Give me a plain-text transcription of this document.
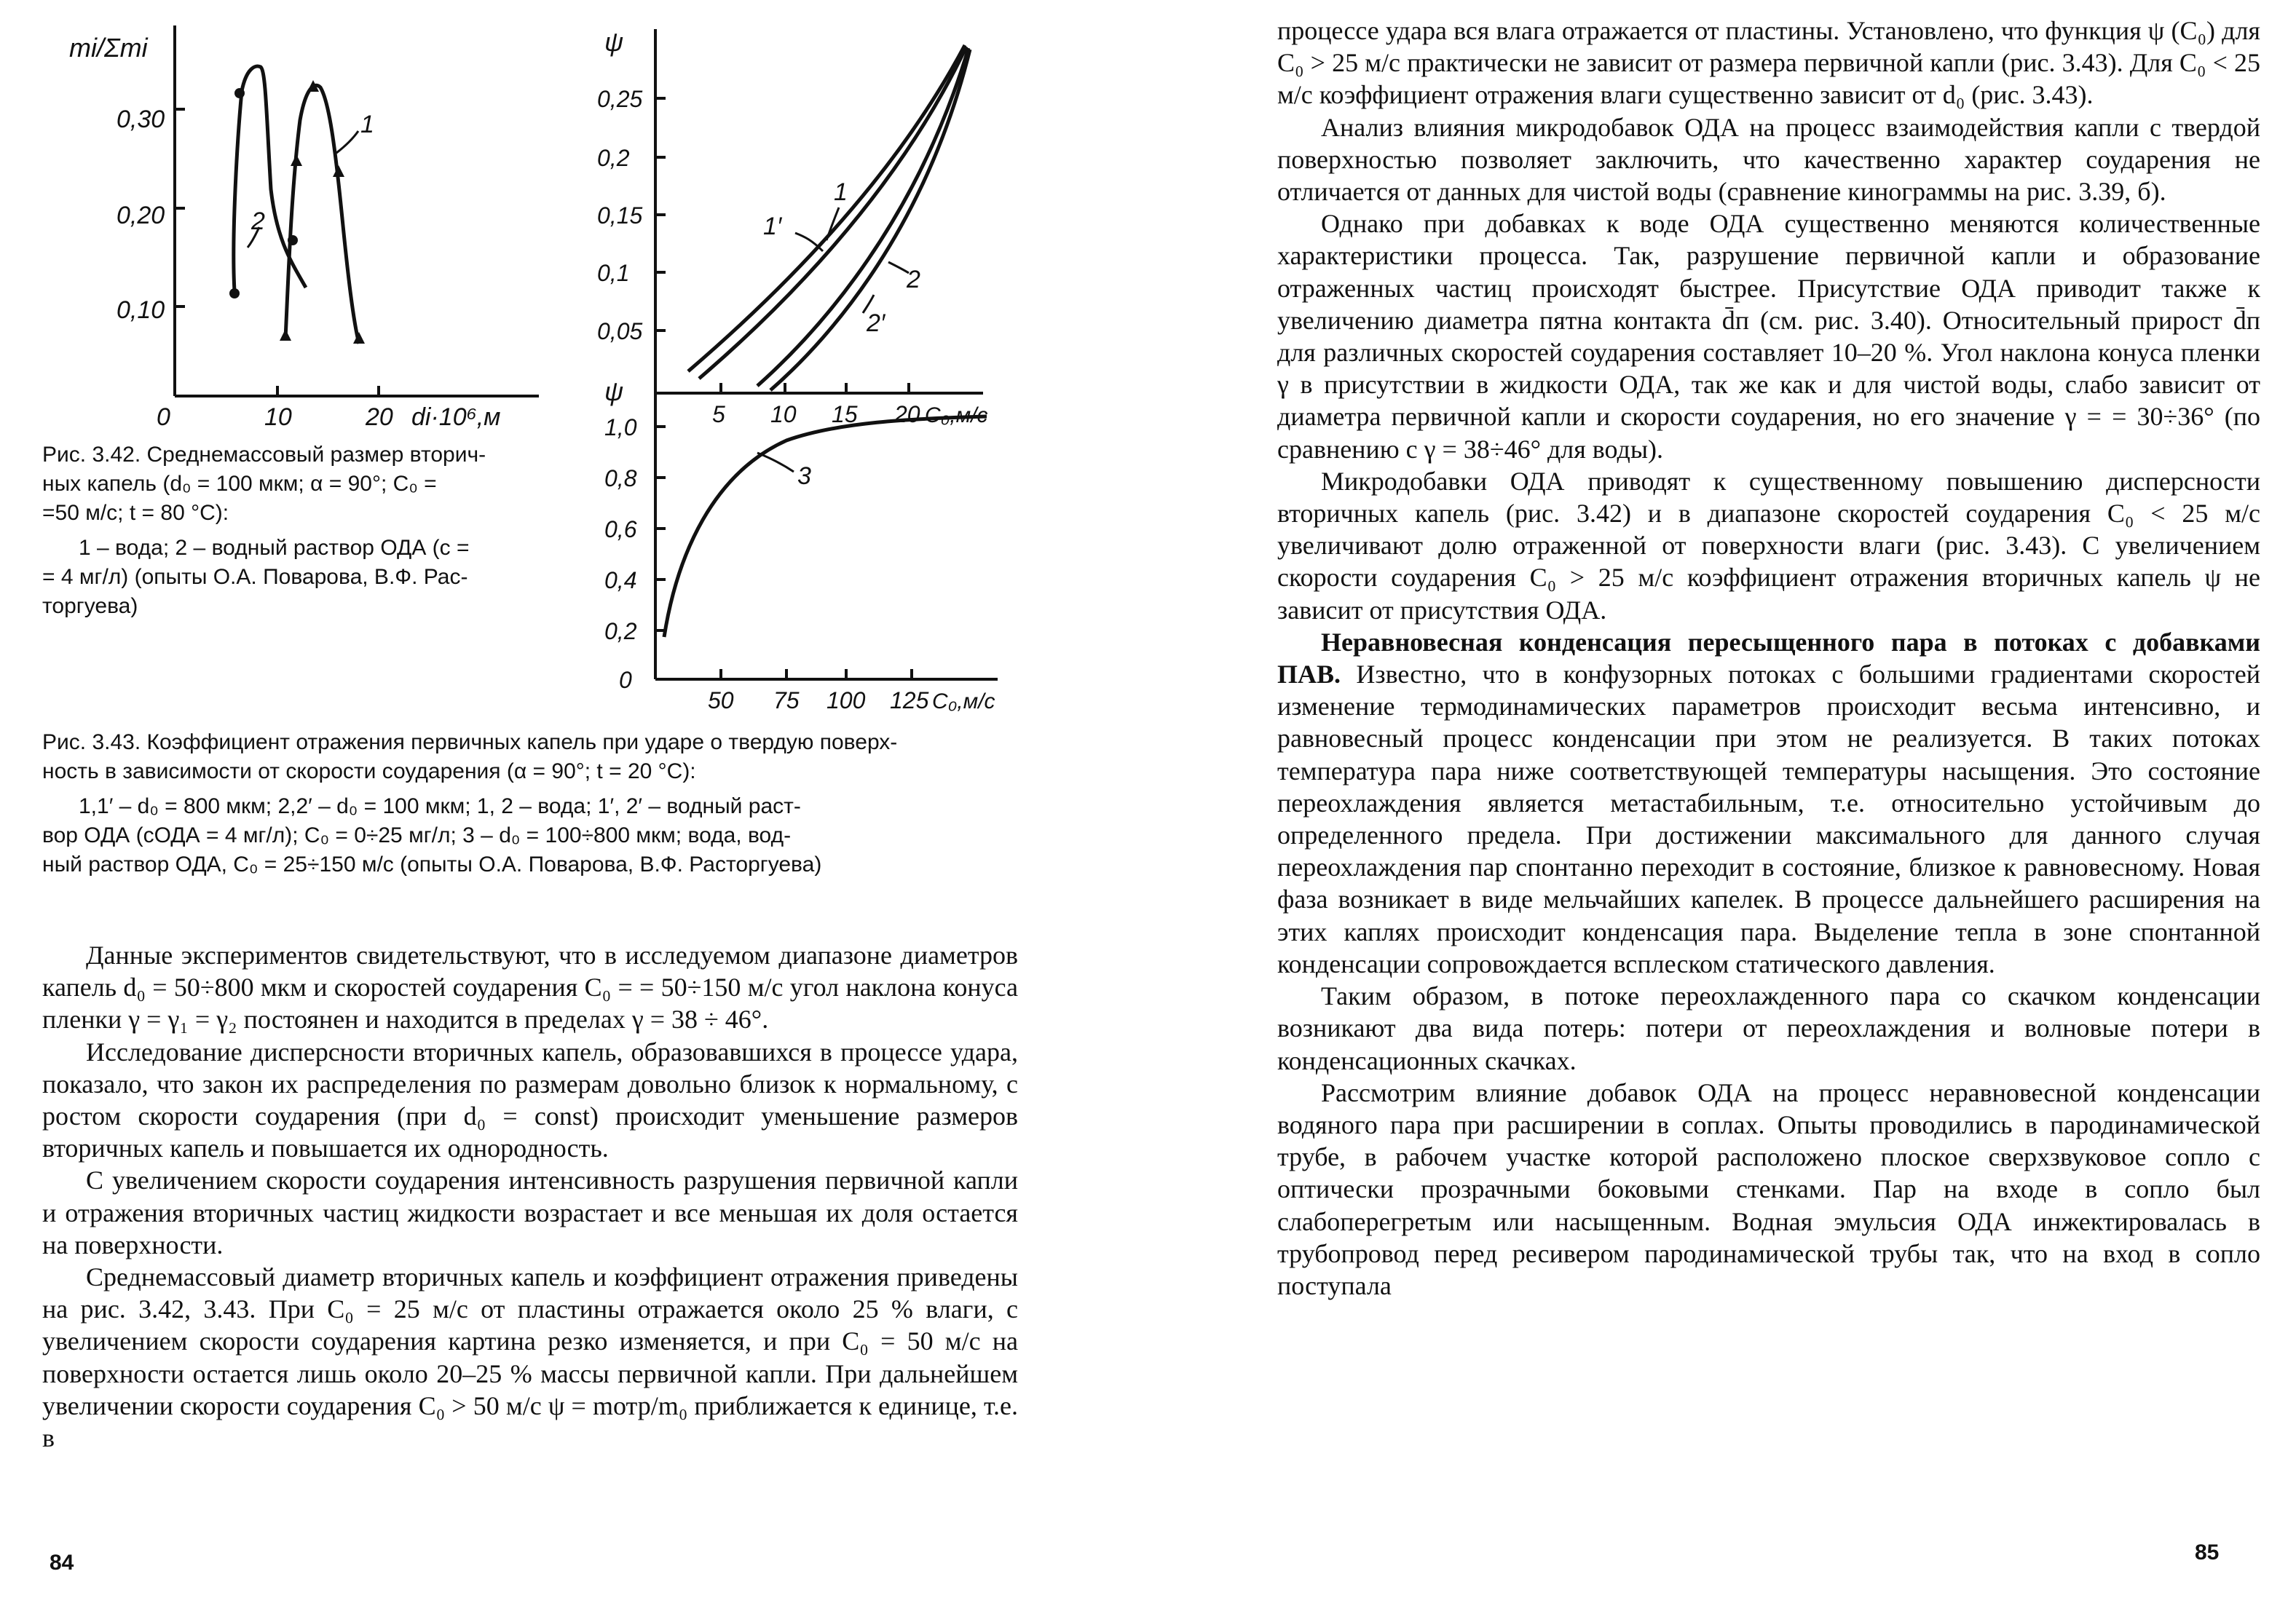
mi/Σmi
0,30
0,20
0,10
0	10	20 di·10⁶,м
1
2
ψ
0,25
0,2
0,15
0,1
0,05
5 10 15 20 C₀,м/с
1
1′
2
2′
ψ
1,0
0,8
0,6
0,4
0,2
0
50 75 100 125 C₀,м/с
3

Рис. 3.42. Среднемассовый размер вторич-

ных капель (d₀ = 100 мкм; α = 90°; C₀ =

=50 м/с; t = 80 °C):

1 – вода; 2 – водный раствор ОДА (c =

= 4 мг/л) (опыты О.А. Поварова, В.Ф. Рас-

торгуева)

Рис. 3.43. Коэффициент отражения первичных капель при ударе о твердую поверх-

ность в зависимости от скорости соударения (α = 90°; t = 20 °C):

1,1′ – d₀ = 800 мкм; 2,2′ – d₀ = 100 мкм; 1, 2 – вода; 1′, 2′ – водный раст-

вор ОДА (cОДА = 4 мг/л); C₀ = 0÷25 мг/л; 3 – d₀ = 100÷800 мкм; вода, вод-

ный раствор ОДА, C₀ = 25÷150 м/с (опыты О.А. Поварова, В.Ф. Расторгуева)

Данные экспериментов свидетельствуют, что в исследуемом диапазоне диаметров капель d₀ = 50÷800 мкм и скоростей соударения C₀ = = 50÷150 м/с угол наклона конуса пленки γ = γ₁ = γ₂ постоянен и находится в пределах γ = 38 ÷ 46°.

Исследование дисперсности вторичных капель, образовавшихся в процессе удара, показало, что закон их распределения по размерам довольно близок к нормальному, с ростом скорости соударения (при d₀ = const) происходит уменьшение размеров вторичных капель и повышается их однородность.

С увеличением скорости соударения интенсивность разрушения первичной капли и отражения вторичных частиц жидкости возрастает и все меньшая их доля остается на поверхности.

Среднемассовый диаметр вторичных капель и коэффициент отражения приведены на рис. 3.42, 3.43. При C₀ = 25 м/с от пластины отражается около 25 % влаги, с увеличением скорости соударения картина резко изменяется, и при C₀ = 50 м/с на поверхности остается лишь около 20–25 % массы первичной капли. При дальнейшем увеличении скорости соударения C₀ > 50 м/с ψ = mотр/m₀ приближается к единице, т.е. в

84

процессе удара вся влага отражается от пластины. Установлено, что функция ψ (C₀) для C₀ > 25 м/с практически не зависит от размера первичной капли (рис. 3.43). Для C₀ < 25 м/с коэффициент отражения влаги существенно зависит от d₀ (рис. 3.43).

Анализ влияния микродобавок ОДА на процесс взаимодействия капли с твердой поверхностью позволяет заключить, что качественно характер соударения не отличается от данных для чистой воды (сравнение кинограммы на рис. 3.39, б).

Однако при добавках к воде ОДА существенно меняются количественные характеристики процесса. Так, разрушение первичной капли и образование отраженных частиц происходят быстрее. Присутствие ОДА приводит также к увеличению диаметра пятна контакта d̄п (см. рис. 3.40). Относительный прирост d̄п для различных скоростей соударения составляет 10–20 %. Угол наклона конуса пленки γ в присутствии в жидкости ОДА, так же как и для чистой воды, слабо зависит от диаметра первичной капли и скорости соударения, но его значение γ = = 30÷36° (по сравнению с γ = 38÷46° для воды).

Микродобавки ОДА приводят к существенному повышению дисперсности вторичных капель (рис. 3.42) и в диапазоне скоростей соударения C₀ < 25 м/с увеличивают долю отраженной от поверхности влаги (рис. 3.43). С увеличением скорости соударения C₀ > 25 м/с коэффициент отражения вторичных капель ψ не зависит от присутствия ОДА.

Неравновесная конденсация пересыщенного пара в потоках с добавками ПАВ. Известно, что в конфузорных потоках с большими градиентами скоростей изменение термодинамических параметров происходит весьма интенсивно, и равновесный процесс конденсации при этом не реализуется. В таких потоках температура пара ниже соответствующей температуры насыщения. Это состояние переохлаждения является метастабильным, т.е. относительно устойчивым до определенного предела. При достижении максимального для данного случая переохлаждения пар спонтанно переходит в состояние, близкое к равновесному. Новая фаза возникает в виде мельчайших капелек. В процессе дальнейшего расширения на этих каплях происходит конденсация пара. Выделение тепла в зоне спонтанной конденсации сопровождается всплеском статического давления.

Таким образом, в потоке переохлажденного пара со скачком конденсации возникают два вида потерь: потери от переохлаждения и волновые потери в конденсационных скачках.

Рассмотрим влияние добавок ОДА на процесс неравновесной конденсации водяного пара при расширении в соплах. Опыты проводились в пародинамической трубе, в рабочем участке которой расположено плоское сверхзвуковое сопло с оптически прозрачными боковыми стенками. Пар на входе в сопло был слабоперегретым или насыщенным. Водная эмульсия ОДА инжектировалась в трубопровод перед ресивером пародинамической трубы так, что на вход в сопло поступала

85
